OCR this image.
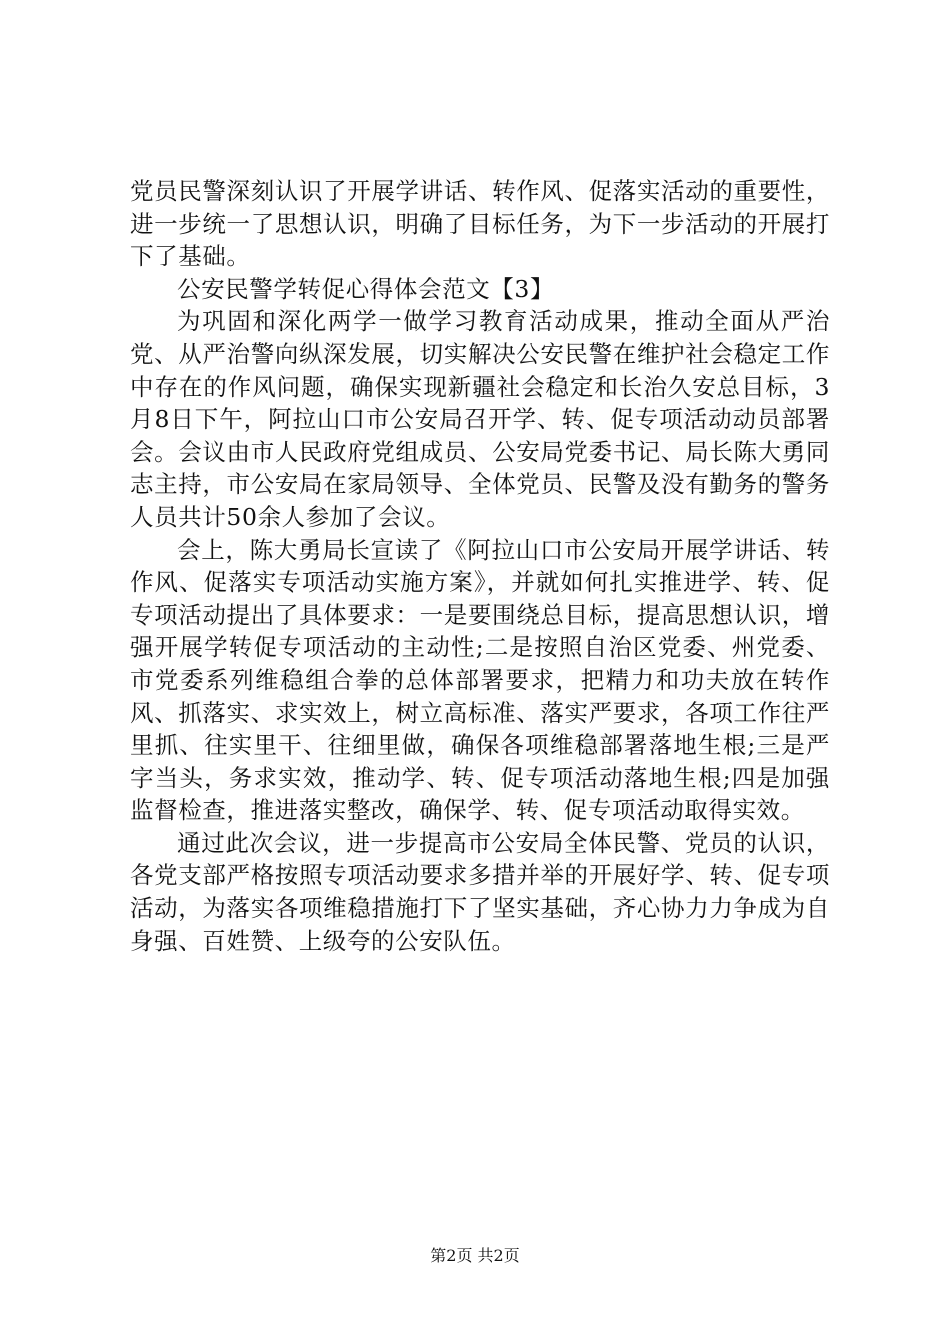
党员民警深刻认识了开展学讲话、转作风、促落实活动的重要性，进一步统一了思想认识，明确了目标任务，为下一步活动的开展打下了基础。

公安民警学转促心得体会范文【3】

为巩固和深化两学一做学习教育活动成果，推动全面从严治党、从严治警向纵深发展，切实解决公安民警在维护社会稳定工作中存在的作风问题，确保实现新疆社会稳定和长治久安总目标，3月8日下午，阿拉山口市公安局召开学、转、促专项活动动员部署会。会议由市人民政府党组成员、公安局党委书记、局长陈大勇同志主持，市公安局在家局领导、全体党员、民警及没有勤务的警务人员共计50余人参加了会议。

会上，陈大勇局长宣读了《阿拉山口市公安局开展学讲话、转作风、促落实专项活动实施方案》，并就如何扎实推进学、转、促专项活动提出了具体要求：一是要围绕总目标，提高思想认识，增强开展学转促专项活动的主动性;二是按照自治区党委、州党委、市党委系列维稳组合拳的总体部署要求，把精力和功夫放在转作风、抓落实、求实效上，树立高标准、落实严要求，各项工作往严里抓、往实里干、往细里做，确保各项维稳部署落地生根;三是严字当头，务求实效，推动学、转、促专项活动落地生根;四是加强监督检查，推进落实整改，确保学、转、促专项活动取得实效。

通过此次会议，进一步提高市公安局全体民警、党员的认识，各党支部严格按照专项活动要求多措并举的开展好学、转、促专项活动，为落实各项维稳措施打下了坚实基础，齐心协力力争成为自身强、百姓赞、上级夸的公安队伍。

第2页 共2页
